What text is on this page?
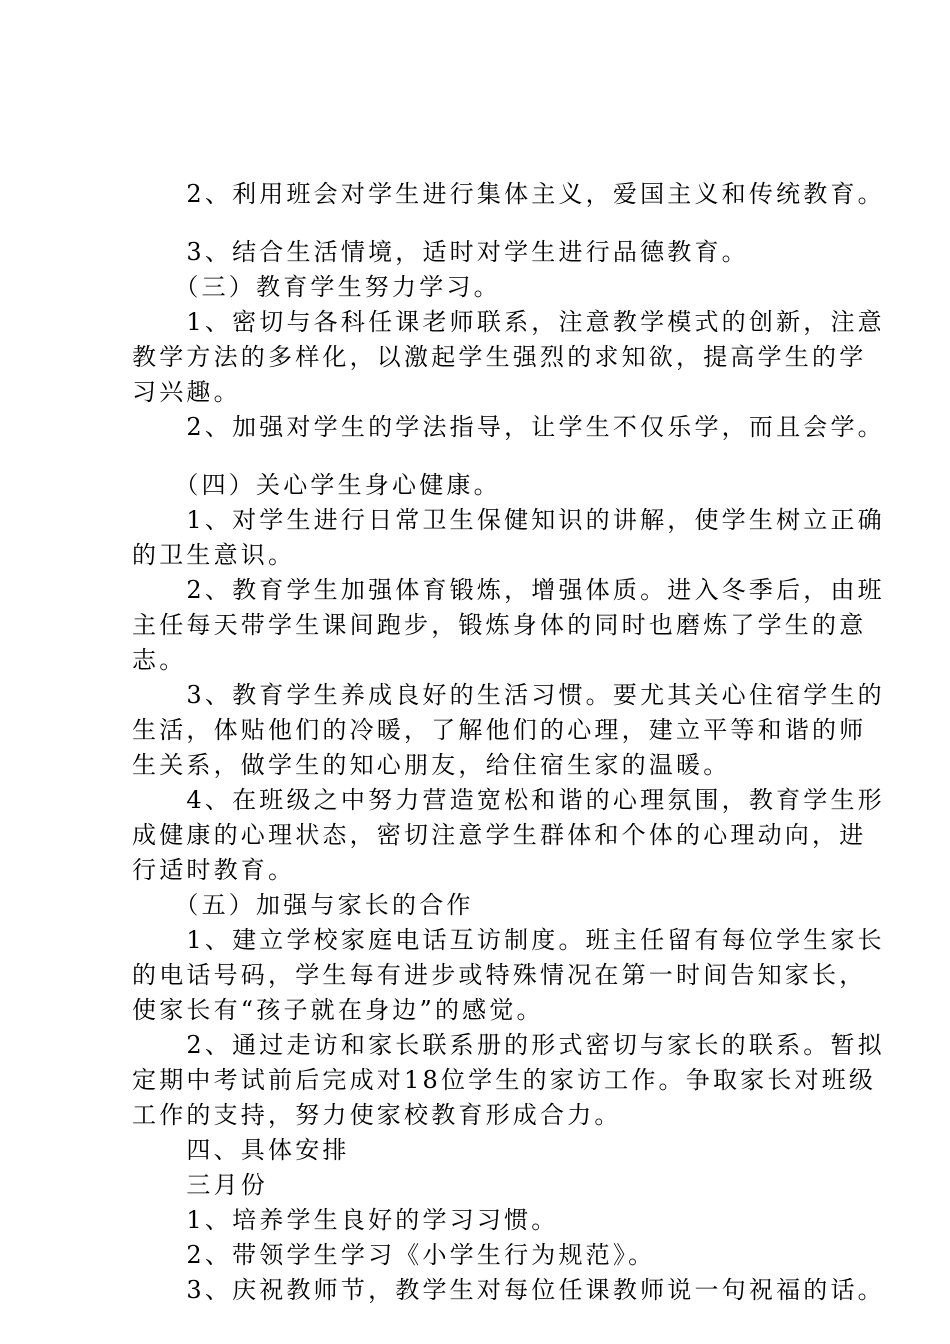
　　2、利用班会对学生进行集体主义，爱国主义和传统教育。
　　3、结合生活情境，适时对学生进行品德教育。
　　（三）教育学生努力学习。
　　1、密切与各科任课老师联系，注意教学模式的创新，注意
教学方法的多样化，以激起学生强烈的求知欲，提高学生的学
习兴趣。
　　2、加强对学生的学法指导，让学生不仅乐学，而且会学。
　　（四）关心学生身心健康。
　　1、对学生进行日常卫生保健知识的讲解，使学生树立正确
的卫生意识。
　　2、教育学生加强体育锻炼，增强体质。进入冬季后，由班
主任每天带学生课间跑步，锻炼身体的同时也磨炼了学生的意
志。
　　3、教育学生养成良好的生活习惯。要尤其关心住宿学生的
生活，体贴他们的冷暖，了解他们的心理，建立平等和谐的师
生关系，做学生的知心朋友，给住宿生家的温暖。
　　4、在班级之中努力营造宽松和谐的心理氛围，教育学生形
成健康的心理状态，密切注意学生群体和个体的心理动向，进
行适时教育。
　　（五）加强与家长的合作
　　1、建立学校家庭电话互访制度。班主任留有每位学生家长
的电话号码，学生每有进步或特殊情况在第一时间告知家长，
使家长有“孩子就在身边”的感觉。
　　2、通过走访和家长联系册的形式密切与家长的联系。暂拟
定期中考试前后完成对18位学生的家访工作。争取家长对班级
工作的支持，努力使家校教育形成合力。
　　四、具体安排
　　三月份
　　1、培养学生良好的学习习惯。
　　2、带领学生学习《小学生行为规范》。
　　3、庆祝教师节，教学生对每位任课教师说一句祝福的话。
